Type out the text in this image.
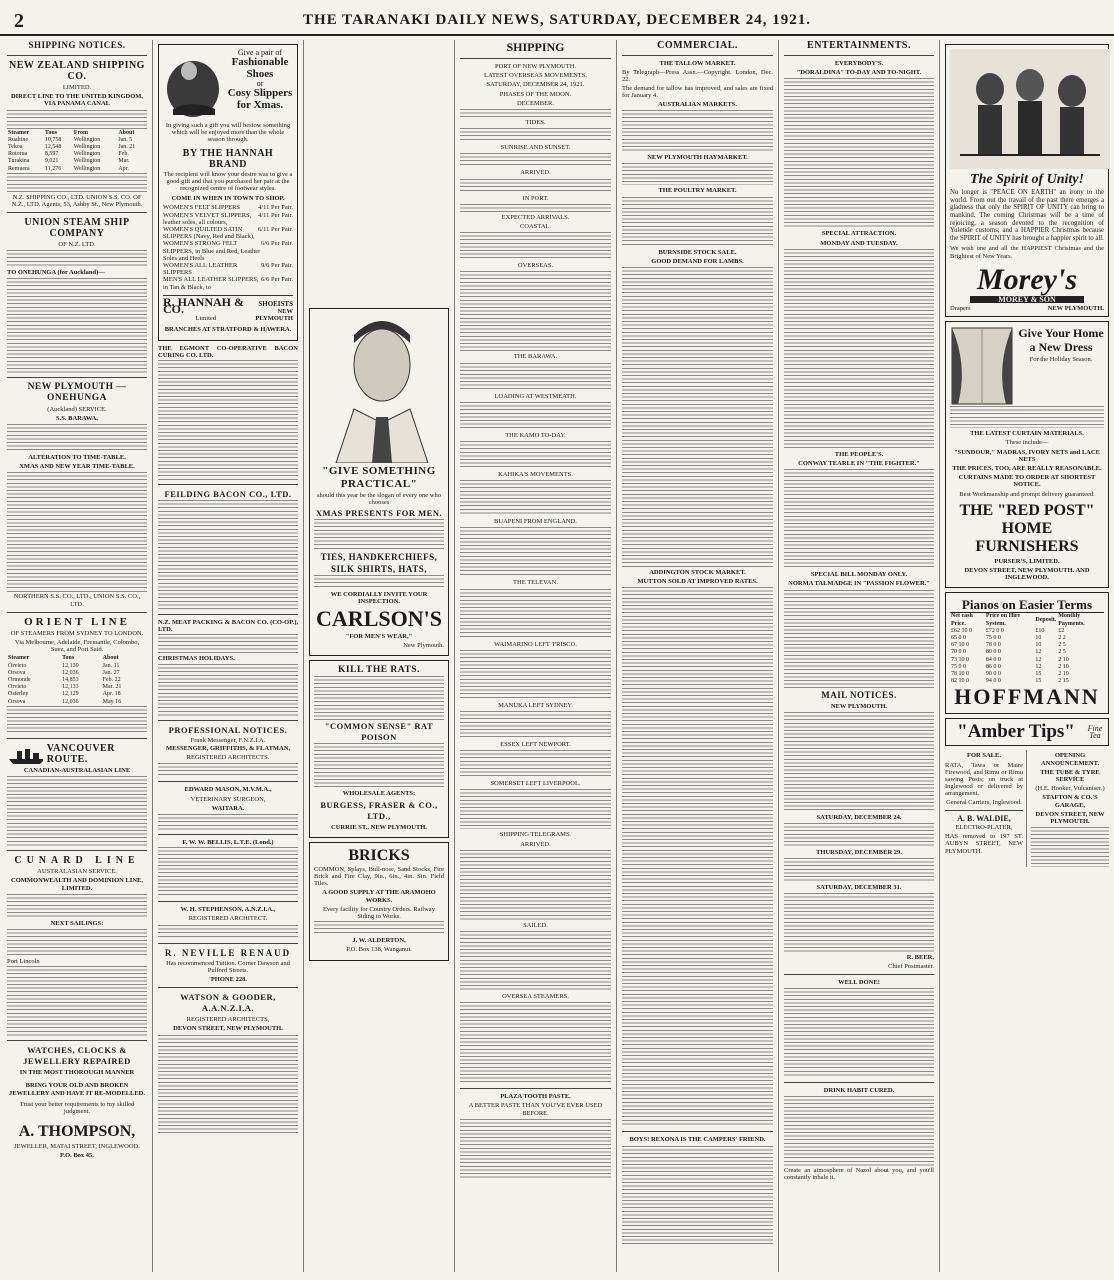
2	THE TARANAKI DAILY NEWS, SATURDAY, DECEMBER 24, 1921.
SHIPPING NOTICES.
NEW ZEALAND SHIPPING CO.
LIMITED.
DIRECT LINE TO THE UNITED KINGDOM, VIA PANAMA CANAL
Steamer	Tons	From	About
Ruahine	10,758	Wellington	Jan. 5
Tekoa	12,548	Wellington	Jan. 21
Rotorua	8,597	Wellington	Feb.
Turakina	9,021	Wellington	Mar.
Remuera	11,276	Wellington	Apr.
N.Z. SHIPPING CO., LTD. UNION S.S. CO. OF N.Z., LTD. Agents, 53, Ashby St., New Plymouth.
UNION STEAM SHIP COMPANY
OF N.Z. LTD.
TO ONEHUNGA (for Auckland)—
NEW PLYMOUTH — ONEHUNGA
(Auckland) SERVICE.
S.S. BARAWA.
ALTERATION TO TIME-TABLE.
XMAS AND NEW YEAR TIME-TABLE.
NORTHERN S.S. CO., LTD., UNION S.S. CO., LTD.
ORIENT LINE
OF STEAMERS FROM SYDNEY TO LONDON.
Via Melbourne, Adelaide, Fremantle, Colombo, Suez, and Port Said.
Steamer	Tons	About
Orvieto	12,130	Jan. 11
Orsova	12,036	Jan. 27
Ormonde	14,853	Feb. 22
Orvieto	12,133	Mar. 21
Osterley	12,129	Apr. 18
Orsova	12,036	May 16
VANCOUVER ROUTE.
CANADIAN-AUSTRALASIAN LINE
CUNARD LINE
AUSTRALASIAN SERVICE.
COMMONWEALTH AND DOMINION LINE, LIMITED.
NEXT SAILINGS:
Port Lincoln
WATCHES, CLOCKS & JEWELLERY REPAIRED
IN THE MOST THOROUGH MANNER
BRING YOUR OLD AND BROKEN JEWELLERY AND HAVE IT RE-MODELLED.
Trust your better requirements to my skilled judgment.
A. THOMPSON,
JEWELLER, MATAI STREET, INGLEWOOD.
P.O. Box 45.
Give a pair of
Fashionable Shoes
or
Cosy Slippers
for Xmas.
In giving such a gift you will bestow something which will be enjoyed more than the whole season through.
BY THE HANNAH BRAND
The recipient will know your desire was to give a good gift and that you purchased her pair at the recognized centre of footwear styles.
COME IN WHEN IN TOWN TO SHOP.
WOMEN'S FELT SLIPPERS	4/11 Per Pair.
WOMEN'S VELVET SLIPPERS, leather soles, all colours,
4/11 Per Pair.
WOMEN'S QUILTED SATIN SLIPPERS (Navy, Red and Black),
6/11 Per Pair.
WOMEN'S STRONG FELT SLIPPERS, in Blue and Red, Leather Soles and Heels
6/6 Per Pair.
WOMEN'S ALL LEATHER SLIPPERS
9/6 Per Pair.
MEN'S ALL LEATHER SLIPPERS, in Tan & Black, to
6/6 Per Pair.
R. HANNAH & CO.
Limited
SHOEISTS
NEW PLYMOUTH
BRANCHES AT STRATFORD & HAWERA.
THE EGMONT CO-OPERATIVE BACON CURING CO. LTD.
FEILDING BACON CO., LTD.
N.Z. MEAT PACKING & BACON CO. (CO-OP.), LTD.
CHRISTMAS HOLIDAYS.
PROFESSIONAL NOTICES.
Frank Messenger, F.N.Z.I.A.
MESSENGER, GRIFFITHS, & FLATMAN,
REGISTERED ARCHITECTS.
EDWARD MASON, M.V.M.A.,
VETERINARY SURGEON,
WAITARA.
F. W. W. BELLIS, L.T.E. (Lond.)
W. H. STEPHENSON, A.N.Z.I.A.,
REGISTERED ARCHITECT.
R. NEVILLE RENAUD
Has recommenced Tuition. Corner Dawson and Pulford Streets.
'PHONE 228.
WATSON & GOODER, A.A.N.Z.I.A.
REGISTERED ARCHITECTS,
DEVON STREET, NEW PLYMOUTH.
"GIVE SOMETHING PRACTICAL"
should this year be the slogan of every one who chooses
XMAS PRESENTS FOR MEN.
TIES, HANDKERCHIEFS, SILK SHIRTS, HATS,
WE CORDIALLY INVITE YOUR INSPECTION.
CARLSON'S
"FOR MEN'S WEAR,"
New Plymouth.
KILL THE RATS.
"COMMON SENSE" RAT POISON
WHOLESALE AGENTS:
BURGESS, FRASER & CO., LTD.,
CURRIE ST., NEW PLYMOUTH.
BRICKS
COMMON, Splays, Bull-nose, Sand Stocks, Fire Brick and Fire Clay, 9in., 6in., 4in. Sin. Field Tiles.
A GOOD SUPPLY AT THE ARAMOHO WORKS.
Every facility for Country Orders. Railway Siding to Works.
J. W. ALDERTON,
P.O. Box 138, Wanganui.
SHIPPING
PORT OF NEW PLYMOUTH.
LATEST OVERSEAS MOVEMENTS.
SATURDAY, DECEMBER 24, 1921.
PHASES OF THE MOON.
DECEMBER.
TIDES.
SUNRISE AND SUNSET.
ARRIVED.
IN PORT.
EXPECTED ARRIVALS.
COASTAL.
OVERSEAS.
THE BARAWA.
LOADING AT WESTMEATH.
THE KAMO TO-DAY.
KAHIKA'S MOVEMENTS.
BUAPENI FROM ENGLAND.
THE TELEVAN.
WAIMARINO LEFT 'FRISCO.
MANUKA LEFT SYDNEY.
ESSEX LEFT NEWPORT.
SOMERSET LEFT LIVERPOOL.
SHIPPING TELEGRAMS.
ARRIVED.
SAILED.
OVERSEA STEAMERS.
PLAZA TOOTH PASTE.
A BETTER PASTE THAN YOU'VE EVER USED BEFORE.
COMMERCIAL.
THE TALLOW MARKET.
By Telegraph—Press Assn.—Copyright. London, Dec. 22.
The demand for tallow has improved, and sales are fixed for January 4.
AUSTRALIAN MARKETS.
NEW PLYMOUTH HAYMARKET.
THE POULTRY MARKET.
BURNSIDE STOCK SALE.
GOOD DEMAND FOR LAMBS.
ADDINGTON STOCK MARKET.
MUTTON SOLD AT IMPROVED RATES.
BOYS! REXONA IS THE CAMPERS' FRIEND.
ENTERTAINMENTS.
EVERYBODY'S.
"DORALDINA" TO-DAY AND TO-NIGHT.
SPECIAL ATTRACTION.
MONDAY AND TUESDAY.
THE PEOPLE'S.
CONWAY TEARLE IN "THE FIGHTER."
SPECIAL BILL MONDAY ONLY.
NORMA TALMADGE IN "PASSION FLOWER."
MAIL NOTICES.
NEW PLYMOUTH.
SATURDAY, DECEMBER 24.
THURSDAY, DECEMBER 29.
SATURDAY, DECEMBER 31.
R. BEER,
Chief Postmaster.
WELL DONE!
DRINK HABIT CURED.
Create an atmosphere of Nazol about you, and you'll constantly inhale it.
The Spirit of Unity!
No longer is "PEACE ON EARTH" an irony to the world. From out the travail of the past there emerges a gladness that only the SPIRIT OF UNITY can bring to mankind. The coming Christmas will be a time of rejoicing, a season devoted to the recognition of Yuletide customs; and a HAPPIER Christmas because the SPIRIT of UNITY has brought a happier spirit to all.
We wish one and all the HAPPIEST Christmas and the Brightest of New Years.
Morey's
MOREY & SON
Drapers	NEW PLYMOUTH.
Give Your Home a New Dress
For the Holiday Season.
THE LATEST CURTAIN MATERIALS.
These include—
"SUNDOUR," MADRAS, IVORY NETS and LACE NETS
THE PRICES, TOO, ARE REALLY REASONABLE.
CURTAINS MADE TO ORDER AT SHORTEST NOTICE.
Best Workmanship and prompt delivery guaranteed.
THE "RED POST"
HOME FURNISHERS
PURSER'S, LIMITED.
DEVON STREET, NEW PLYMOUTH. AND INGLEWOOD.
Pianos on Easier Terms
Net cash Price.	Price on Hire System.	Deposit.	Monthly Payments.
£62 10 0	£72 0 0	£10	£2
65 0 0	75 0 0	10	2 2
67 10 0	78 0 0	10	2 5
70 0 0	80 0 0	12	2 5
73 10 0	84 0 0	12	2 10
75 0 0	86 0 0	12	2 10
78 10 0	90 0 0	15	2 10
82 10 0	94 0 0	15	2 15
HOFFMANN
"Amber Tips"	Fine Tea
FOR SALE.
RATA, Tawa or Maire Firewood, and Rimu or Rimu sawing Posts; on truck at Inglewood or delivered by arrangement.
General Carriers, Inglewood.
A. B. WALDIE,
ELECTRO-PLATER,
HAS removed to 197 ST. AUBYN STREET, NEW PLYMOUTH.
OPENING ANNOUNCEMENT.
THE TUBE & TYRE SERVICE
(H.E. Hooker, Vulcaniser.)
STAFTON & CO.'S GARAGE,
DEVON STREET, NEW PLYMOUTH.
